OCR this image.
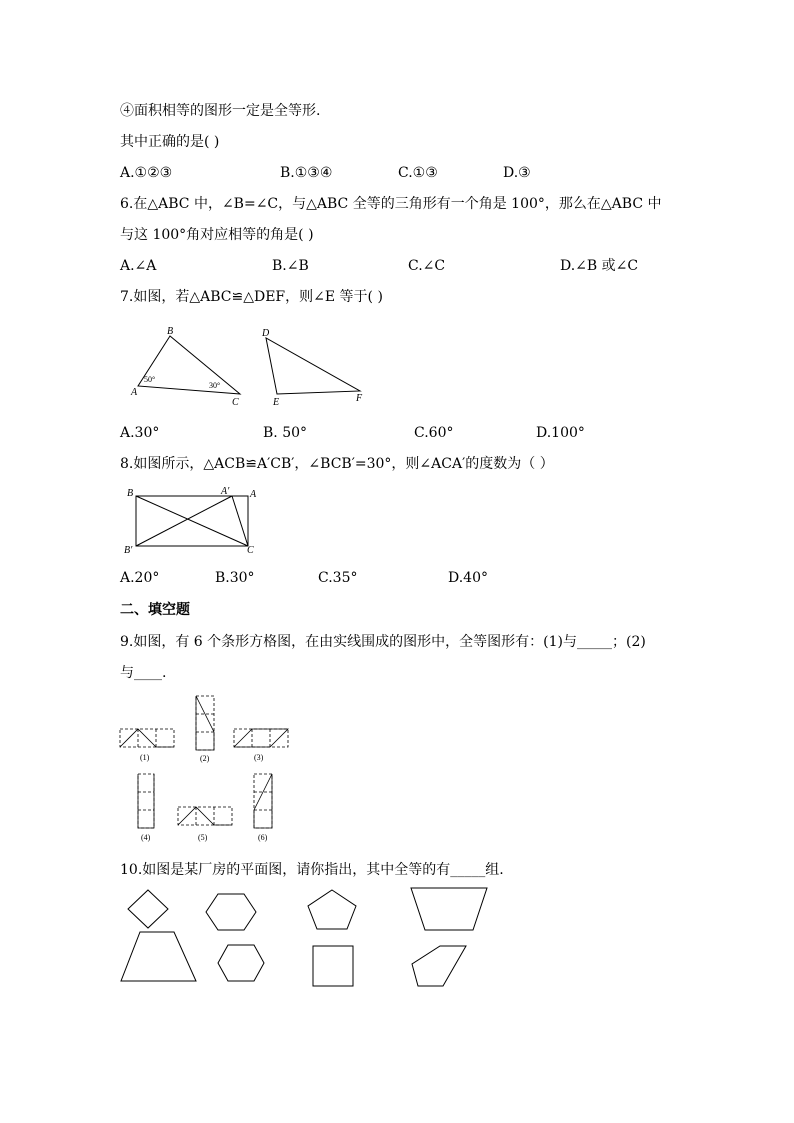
④面积相等的图形一定是全等形.
其中正确的是( )
A.①②③	B.①③④	C.①③	D.③
6.在△ABC 中，∠B=∠C，与△ABC 全等的三角形有一个角是 100°，那么在△ABC 中
与这 100°角对应相等的角是( )
A.∠A	B.∠B	C.∠C	D.∠B 或∠C
7.如图，若△ABC≌△DEF，则∠E 等于( )
B
A
C
50°
30°
D
E	F
A.30°	B. 50°	C.60°	D.100°
8.如图所示，△ACB≌A′CB′，∠BCB′=30°，则∠ACA′的度数为（ ）
B	A′ A
B′	C
A.20°	B.30°	C.35°	D.40°
二、填空题
9.如图，有 6 个条形方格图，在由实线围成的图形中，全等图形有：(1)与_____；(2)
与____.
(1)	(2)	(3)
(4)	(5)	(6)
10.如图是某厂房的平面图，请你指出，其中全等的有_____组.
